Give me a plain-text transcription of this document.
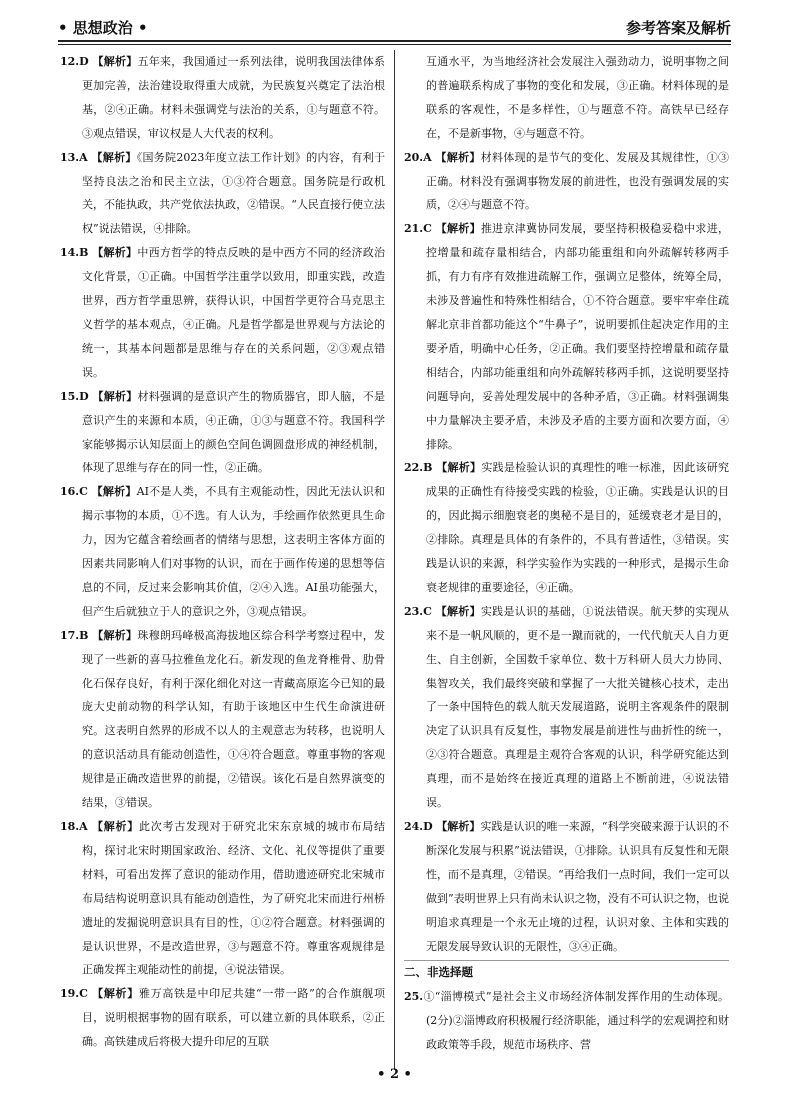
• 思想政治 •	参考答案及解析

12.D 【解析】五年来，我国通过一系列法律，说明我国法律体系更加完善，法治建设取得重大成就，为民族复兴奠定了法治根基，②④正确。材料未强调党与法治的关系，①与题意不符。③观点错误，审议权是人大代表的权利。

13.A 【解析】《国务院2023年度立法工作计划》的内容，有利于坚持良法之治和民主立法，①③符合题意。国务院是行政机关，不能执政，共产党依法执政，②错误。“人民直接行使立法权”说法错误，④排除。

14.B 【解析】中西方哲学的特点反映的是中西方不同的经济政治文化背景，①正确。中国哲学注重学以致用，即重实践，改造世界，西方哲学重思辨，获得认识，中国哲学更符合马克思主义哲学的基本观点，④正确。凡是哲学都是世界观与方法论的统一，其基本问题都是思维与存在的关系问题，②③观点错误。

15.D 【解析】材料强调的是意识产生的物质器官，即人脑，不是意识产生的来源和本质，④正确，①③与题意不符。我国科学家能够揭示认知层面上的颜色空间色调圆盘形成的神经机制，体现了思维与存在的同一性，②正确。

16.C 【解析】AI不是人类，不具有主观能动性，因此无法认识和揭示事物的本质，①不选。有人认为，手绘画作依然更具生命力，因为它蕴含着绘画者的情绪与思想，这表明主客体方面的因素共同影响人们对事物的认识，而在于画作传递的思想等信息的不同，反过来会影响其价值，②④入选。AI虽功能强大，但产生后就独立于人的意识之外，③观点错误。

17.B 【解析】珠穆朗玛峰极高海拔地区综合科学考察过程中，发现了一些新的喜马拉雅鱼龙化石。新发现的鱼龙脊椎骨、肋骨化石保存良好，有利于深化细化对这一青藏高原迄今已知的最庞大史前动物的科学认知，有助于该地区中生代生命演进研究。这表明自然界的形成不以人的主观意志为转移，也说明人的意识活动具有能动创造性，①④符合题意。尊重事物的客观规律是正确改造世界的前提，②错误。该化石是自然界演变的结果，③错误。

18.A 【解析】此次考古发现对于研究北宋东京城的城市布局结构，探讨北宋时期国家政治、经济、文化、礼仪等提供了重要材料，可看出发挥了意识的能动作用，借助遗迹研究北宋城市布局结构说明意识具有能动创造性，为了研究北宋而进行州桥遗址的发掘说明意识具有目的性，①②符合题意。材料强调的是认识世界，不是改造世界，③与题意不符。尊重客观规律是正确发挥主观能动性的前提，④说法错误。

19.C 【解析】雅万高铁是中印尼共建“一带一路”的合作旗舰项目，说明根据事物的固有联系，可以建立新的具体联系，②正确。高铁建成后将极大提升印尼的互联

互通水平，为当地经济社会发展注入强劲动力，说明事物之间的普遍联系构成了事物的变化和发展，③正确。材料体现的是联系的客观性，不是多样性，①与题意不符。高铁早已经存在，不是新事物，④与题意不符。

20.A 【解析】材料体现的是节气的变化、发展及其规律性，①③正确。材料没有强调事物发展的前进性，也没有强调发展的实质，②④与题意不符。

21.C 【解析】推进京津冀协同发展，要坚持积极稳妥稳中求进，控增量和疏存量相结合，内部功能重组和向外疏解转移两手抓，有力有序有效推进疏解工作，强调立足整体，统筹全局，未涉及普遍性和特殊性相结合，①不符合题意。要牢牢牵住疏解北京非首都功能这个“牛鼻子”，说明要抓住起决定作用的主要矛盾，明确中心任务，②正确。我们要坚持控增量和疏存量相结合，内部功能重组和向外疏解转移两手抓，这说明要坚持问题导向，妥善处理发展中的各种矛盾，③正确。材料强调集中力量解决主要矛盾，未涉及矛盾的主要方面和次要方面，④排除。

22.B 【解析】实践是检验认识的真理性的唯一标准，因此该研究成果的正确性有待接受实践的检验，①正确。实践是认识的目的，因此揭示细胞衰老的奥秘不是目的，延缓衰老才是目的，②排除。真理是具体的有条件的，不具有普适性，③错误。实践是认识的来源，科学实验作为实践的一种形式，是揭示生命衰老规律的重要途径，④正确。

23.C 【解析】实践是认识的基础，①说法错误。航天梦的实现从来不是一帆风顺的，更不是一蹴而就的，一代代航天人自力更生、自主创新，全国数千家单位、数十万科研人员大力协同、集智攻关，我们最终突破和掌握了一大批关键核心技术，走出了一条中国特色的载人航天发展道路，说明主客观条件的限制决定了认识具有反复性，事物发展是前进性与曲折性的统一，②③符合题意。真理是主观符合客观的认识，科学研究能达到真理，而不是始终在接近真理的道路上不断前进，④说法错误。

24.D 【解析】实践是认识的唯一来源，“科学突破来源于认识的不断深化发展与积累”说法错误，①排除。认识具有反复性和无限性，而不是真理，②错误。“再给我们一点时间，我们一定可以做到”表明世界上只有尚未认识之物，没有不可认识之物，也说明追求真理是一个永无止境的过程，认识对象、主体和实践的无限发展导致认识的无限性，③④正确。

二、非选择题

25.①“淄博模式”是社会主义市场经济体制发挥作用的生动体现。(2分)②淄博政府积极履行经济职能，通过科学的宏观调控和财政政策等手段，规范市场秩序、营

• 2 •
